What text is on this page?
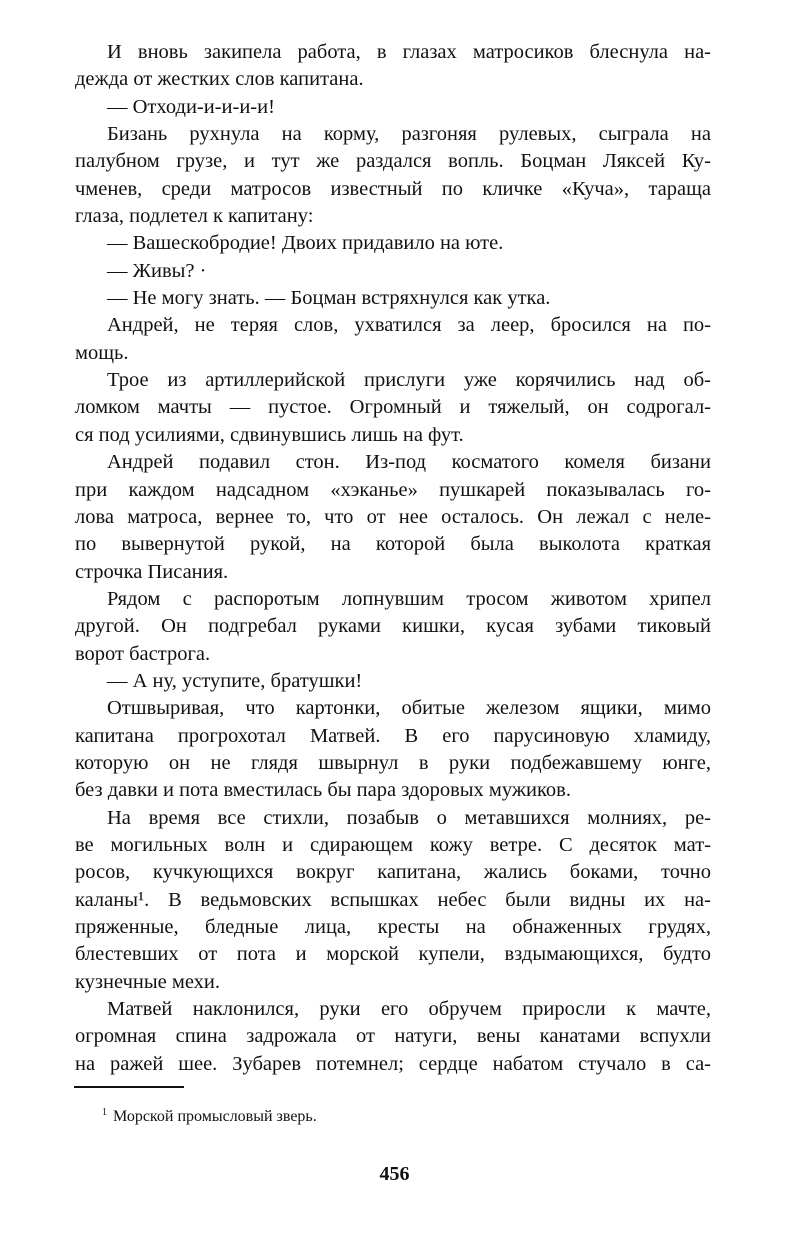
И вновь закипела работа, в глазах матросиков блеснула на-
дежда от жестких слов капитана.
— Отходи-и-и-и-и!
Бизань рухнула на корму, разгоняя рулевых, сыграла на
палубном грузе, и тут же раздался вопль. Боцман Ляксей Ку-
чменев, среди матросов известный по кличке «Куча», тараща
глаза, подлетел к капитану:
— Вашескобродие! Двоих придавило на юте.
— Живы? ·
— Не могу знать. — Боцман встряхнулся как утка.
Андрей, не теряя слов, ухватился за леер, бросился на по-
мощь.
Трое из артиллерийской прислуги уже корячились над об-
ломком мачты — пустое. Огромный и тяжелый, он содрогал-
ся под усилиями, сдвинувшись лишь на фут.
Андрей подавил стон. Из-под косматого комеля бизани
при каждом надсадном «хэканье» пушкарей показывалась го-
лова матроса, вернее то, что от нее осталось. Он лежал с неле-
по вывернутой рукой, на которой была выколота краткая
строчка Писания.
Рядом с распоротым лопнувшим тросом животом хрипел
другой. Он подгребал руками кишки, кусая зубами тиковый
ворот бастрога.
— А ну, уступите, братушки!
Отшвыривая, что картонки, обитые железом ящики, мимо
капитана прогрохотал Матвей. В его парусиновую хламиду,
которую он не глядя швырнул в руки подбежавшему юнге,
без давки и пота вместилась бы пара здоровых мужиков.
На время все стихли, позабыв о метавшихся молниях, ре-
ве могильных волн и сдирающем кожу ветре. С десяток мат-
росов, кучкующихся вокруг капитана, жались боками, точно
каланы¹. В ведьмовских вспышках небес были видны их на-
пряженные, бледные лица, кресты на обнаженных грудях,
блестевших от пота и морской купели, вздымающихся, будто
кузнечные мехи.
Матвей наклонился, руки его обручем приросли к мачте,
огромная спина задрожала от натуги, вены канатами вспухли
на ражей шее. Зубарев потемнел; сердце набатом стучало в са-
$^1$ Морской промысловый зверь.
456
